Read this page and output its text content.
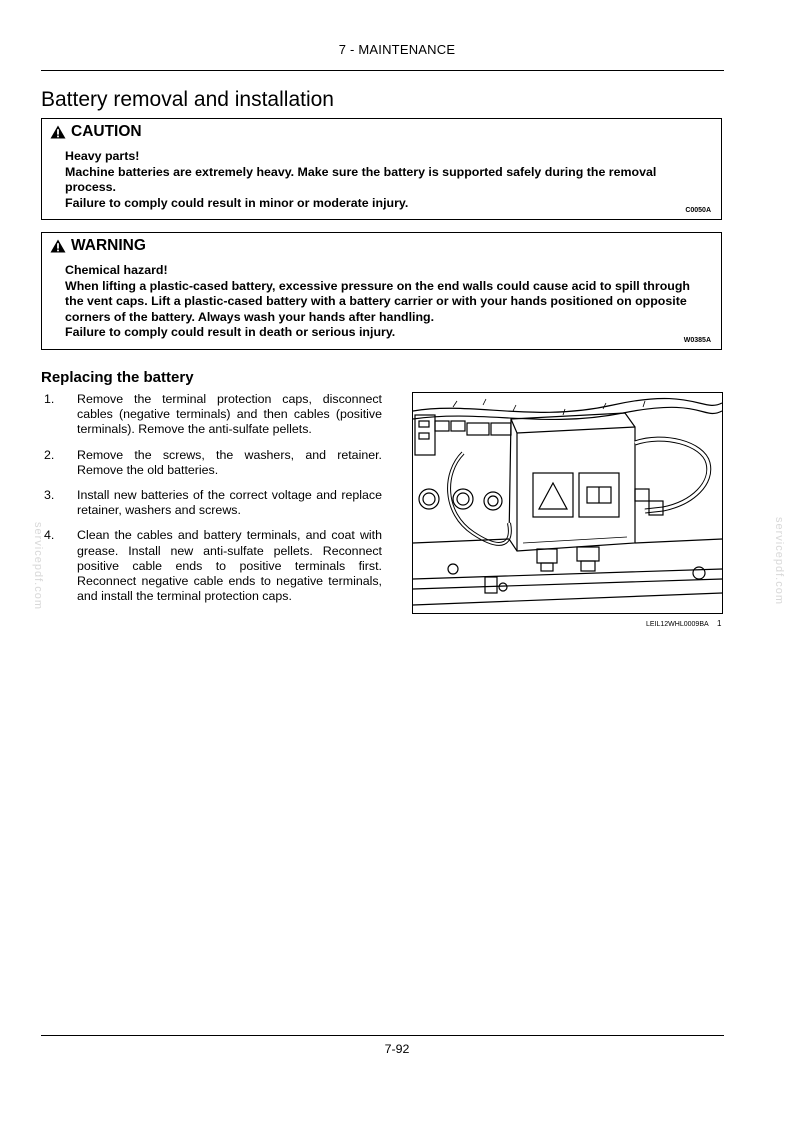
7 - MAINTENANCE
Battery removal and installation
CAUTION

Heavy parts!

Machine batteries are extremely heavy. Make sure the battery is supported safely during the removal process.

Failure to comply could result in minor or moderate injury.

C0050A
WARNING

Chemical hazard!

When lifting a plastic-cased battery, excessive pressure on the end walls could cause acid to spill through the vent caps. Lift a plastic-cased battery with a battery carrier or with your hands positioned on opposite corners of the battery. Always wash your hands after handling.

Failure to comply could result in death or serious injury.

W0385A
Replacing the battery
1. Remove the terminal protection caps, disconnect cables (negative terminals) and then cables (positive terminals). Remove the anti-sulfate pellets.
2. Remove the screws, the washers, and retainer. Remove the old batteries.
3. Install new batteries of the correct voltage and replace retainer, washers and screws.
4. Clean the cables and battery terminals, and coat with grease. Install new anti-sulfate pellets. Reconnect positive cable ends to positive terminals first. Reconnect negative cable ends to negative terminals, and install the terminal protection caps.
LEIL12WHL0009BA 1
servicepdf.com	servicepdf.com
7-92
